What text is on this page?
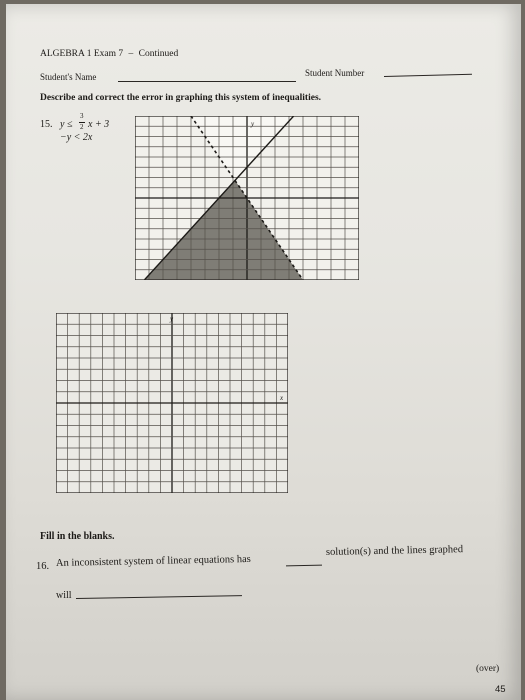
ALGEBRA 1 Exam 7 – Continued
Student's Name	Student Number
Describe and correct the error in graphing this system of inequalities.
15. y ≤
3
2 x + 3
−y < 2x
y
y
x
Fill in the blanks.
16. An inconsistent system of linear equations has
solution(s) and the lines graphed
will
(over)
45
